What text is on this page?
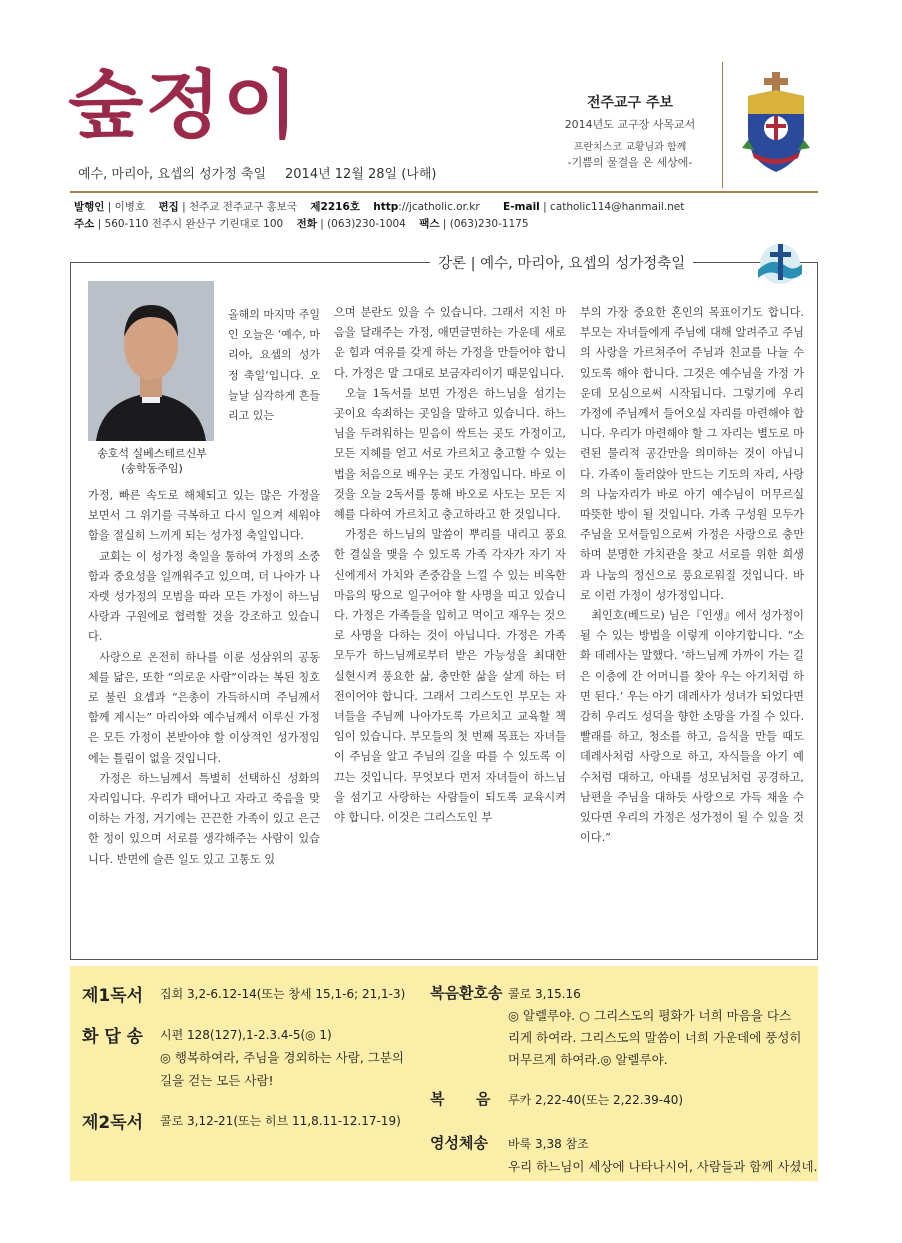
숲정이
예수, 마리아, 요셉의 성가정 축일 2014년 12월 28일 (나해)
전주교구 주보
2014년도 교구장 사목교서
프란치스코 교황님과 함께
-기쁨의 물결을 온 세상에-
발행인 | 이병호 편집 | 천주교 전주교구 홍보국 제2216호 http://jcatholic.or.kr E-mail | catholic114@hanmail.net
주소 | 560-110 전주시 완산구 기린대로 100 전화 | (063)230-1004 팩스 | (063)230-1175
강론 | 예수, 마리아, 요셉의 성가정축일
송호석 실베스테르신부
(송학동주임)

올해의 마지막 주일인 오늘은 ‘예수, 마리아, 요셉의 성가정 축일’입니다. 오늘날 심각하게 흔들리고 있는

가정, 빠른 속도로 해체되고 있는 많은 가정을 보면서 그 위기를 극복하고 다시 일으켜 세워야함을 절실히 느끼게 되는 성가정 축일입니다.

교회는 이 성가정 축일을 통하여 가정의 소중함과 중요성을 일깨워주고 있으며, 더 나아가 나자렛 성가정의 모범을 따라 모든 가정이 하느님 사랑과 구원에로 협력할 것을 강조하고 있습니다.

사랑으로 온전히 하나를 이룬 성삼위의 공동체를 닮은, 또한 “의로운 사람”이라는 복된 칭호로 불린 요셉과 “은총이 가득하시며 주님께서 함께 계시는” 마리아와 예수님께서 이루신 가정은 모든 가정이 본받아야 할 이상적인 성가정임에는 틀림이 없을 것입니다.

가정은 하느님께서 특별히 선택하신 성화의 자리입니다. 우리가 태어나고 자라고 죽음을 맞이하는 가정, 거기에는 끈끈한 가족이 있고 은근한 정이 있으며 서로를 생각해주는 사람이 있습니다. 반면에 슬픈 일도 있고 고통도 있

으며 분란도 있을 수 있습니다. 그래서 지친 마음을 달래주는 가정, 애면글면하는 가운데 새로운 힘과 여유를 갖게 하는 가정을 만들어야 합니다. 가정은 말 그대로 보금자리이기 때문입니다.

오늘 1독서를 보면 가정은 하느님을 섬기는 곳이요 속죄하는 곳임을 말하고 있습니다. 하느님을 두려워하는 믿음이 싹트는 곳도 가정이고, 모든 지혜를 얻고 서로 가르치고 충고할 수 있는 법을 처음으로 배우는 곳도 가정입니다. 바로 이것을 오늘 2독서를 통해 바오로 사도는 모든 지혜를 다하여 가르치고 충고하라고 한 것입니다.

가정은 하느님의 말씀이 뿌리를 내리고 풍요한 결실을 맺을 수 있도록 가족 각자가 자기 자신에게서 가치와 존중감을 느낄 수 있는 비옥한 마음의 땅으로 일구어야 할 사명을 띠고 있습니다. 가정은 가족들을 입히고 먹이고 재우는 것으로 사명을 다하는 것이 아닙니다. 가정은 가족 모두가 하느님께로부터 받은 가능성을 최대한 실현시켜 풍요한 삶, 충만한 삶을 살게 하는 터전이어야 합니다. 그래서 그리스도인 부모는 자녀들을 주님께 나아가도록 가르치고 교육할 책임이 있습니다. 부모들의 첫 번째 목표는 자녀들이 주님을 알고 주님의 길을 따를 수 있도록 이끄는 것입니다. 무엇보다 먼저 자녀들이 하느님을 섬기고 사랑하는 사람들이 되도록 교육시켜야 합니다. 이것은 그리스도인 부

부의 가장 중요한 혼인의 목표이기도 합니다. 부모는 자녀들에게 주님에 대해 알려주고 주님의 사랑을 가르쳐주어 주님과 친교를 나눌 수 있도록 해야 합니다. 그것은 예수님을 가정 가운데 모심으로써 시작됩니다. 그렇기에 우리 가정에 주님께서 들어오실 자리를 마련해야 합니다. 우리가 마련해야 할 그 자리는 별도로 마련된 물리적 공간만을 의미하는 것이 아닙니다. 가족이 둘러앉아 만드는 기도의 자리, 사랑의 나눔자리가 바로 아기 예수님이 머무르실 따뜻한 방이 될 것입니다. 가족 구성원 모두가 주님을 모셔들임으로써 가정은 사랑으로 충만하며 분명한 가치관을 찾고 서로를 위한 희생과 나눔의 정신으로 풍요로워질 것입니다. 바로 이런 가정이 성가정입니다.

최인호(베드로) 님은『인생』에서 성가정이 될 수 있는 방법을 이렇게 이야기합니다. “소화 데레사는 말했다. ‘하느님께 가까이 가는 길은 이층에 간 어머니를 찾아 우는 아기처럼 하면 된다.’ 우는 아기 데레사가 성녀가 되었다면 감히 우리도 성덕을 향한 소망을 가질 수 있다. 빨래를 하고, 청소를 하고, 음식을 만들 때도 데레사처럼 사랑으로 하고, 자식들을 아기 예수처럼 대하고, 아내를 성모님처럼 공경하고, 남편을 주님을 대하듯 사랑으로 가득 채울 수 있다면 우리의 가정은 성가정이 될 수 있을 것이다.”

제1독서 집회 3,2-6.12-14(또는 창세 15,1-6; 21,1-3)
화 답 송 시편 128(127),1-2.3.4-5(◎ 1)
◎ 행복하여라, 주님을 경외하는 사람, 그분의
길을 걷는 모든 사람!
제2독서 콜로 3,12-21(또는 히브 11,8.11-12.17-19)
복음환호송 콜로 3,15.16
◎ 알렐루야. ○ 그리스도의 평화가 너희 마음을 다스
리게 하여라. 그리스도의 말씀이 너희 가운데에 풍성히
머무르게 하여라.◎ 알렐루야.
복      음 루카 2,22-40(또는 2,22.39-40)
영성체송 바룩 3,38 참조
우리 하느님이 세상에 나타나시어, 사람들과 함께 사셨네.
